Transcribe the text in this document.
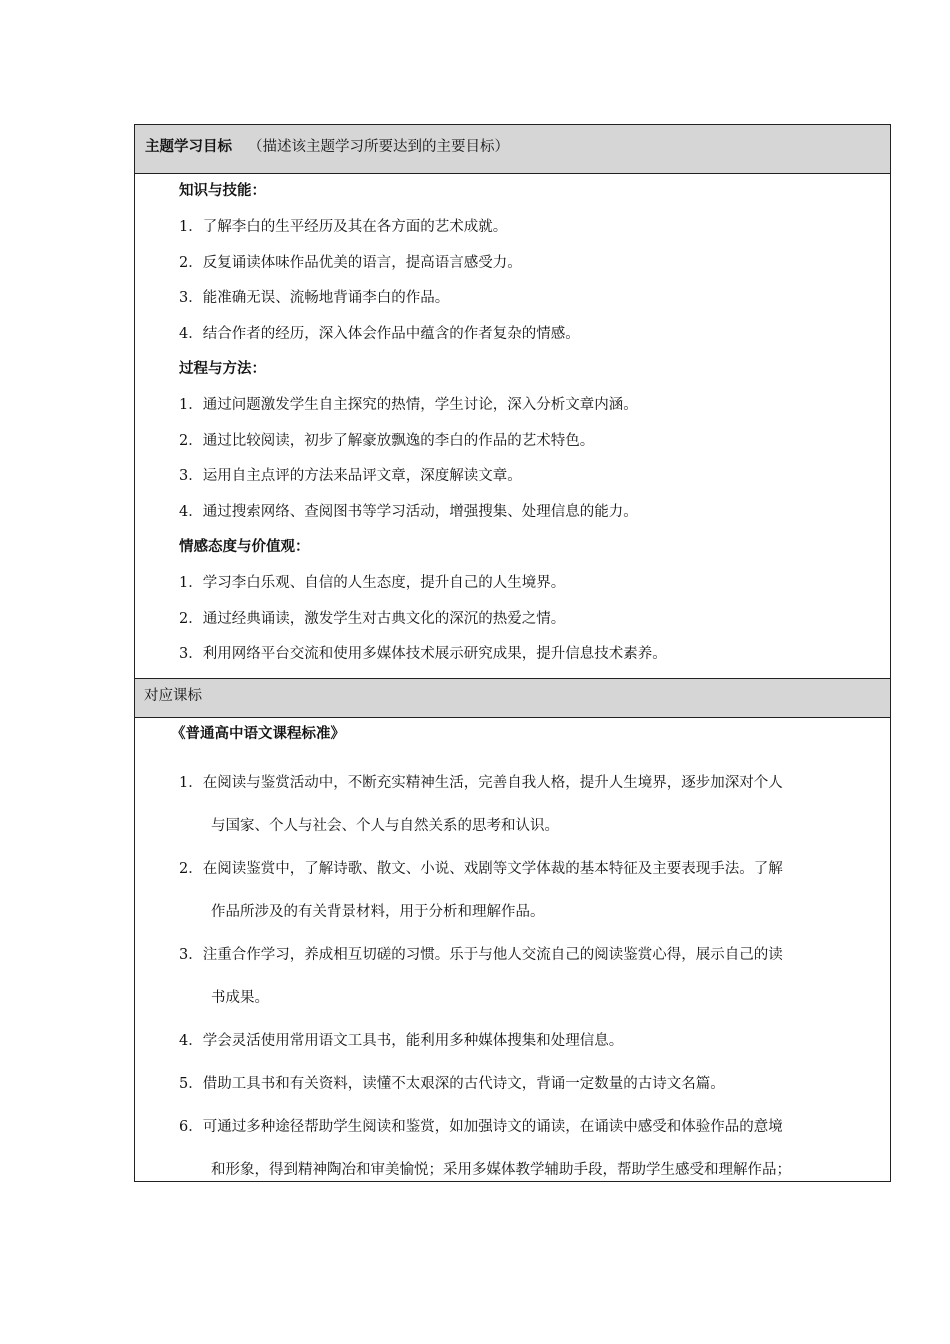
主题学习目标 （描述该主题学习所要达到的主要目标）
知识与技能：
1．了解李白的生平经历及其在各方面的艺术成就。
2．反复诵读体味作品优美的语言，提高语言感受力。
3．能准确无误、流畅地背诵李白的作品。
4．结合作者的经历，深入体会作品中蕴含的作者复杂的情感。
过程与方法：
1．通过问题激发学生自主探究的热情，学生讨论，深入分析文章内涵。
2．通过比较阅读，初步了解豪放飘逸的李白的作品的艺术特色。
3．运用自主点评的方法来品评文章，深度解读文章。
4．通过搜索网络、查阅图书等学习活动，增强搜集、处理信息的能力。
情感态度与价值观：
1．学习李白乐观、自信的人生态度，提升自己的人生境界。
2．通过经典诵读，激发学生对古典文化的深沉的热爱之情。
3．利用网络平台交流和使用多媒体技术展示研究成果，提升信息技术素养。
对应课标
《普通高中语文课程标准》
1．在阅读与鉴赏活动中，不断充实精神生活，完善自我人格，提升人生境界，逐步加深对个人
与国家、个人与社会、个人与自然关系的思考和认识。
2．在阅读鉴赏中，了解诗歌、散文、小说、戏剧等文学体裁的基本特征及主要表现手法。了解
作品所涉及的有关背景材料，用于分析和理解作品。
3．注重合作学习，养成相互切磋的习惯。乐于与他人交流自己的阅读鉴赏心得，展示自己的读
书成果。
4．学会灵活使用常用语文工具书，能利用多种媒体搜集和处理信息。
5．借助工具书和有关资料，读懂不太艰深的古代诗文，背诵一定数量的古诗文名篇。
6．可通过多种途径帮助学生阅读和鉴赏，如加强诗文的诵读，在诵读中感受和体验作品的意境
和形象，得到精神陶冶和审美愉悦；采用多媒体教学辅助手段，帮助学生感受和理解作品；
